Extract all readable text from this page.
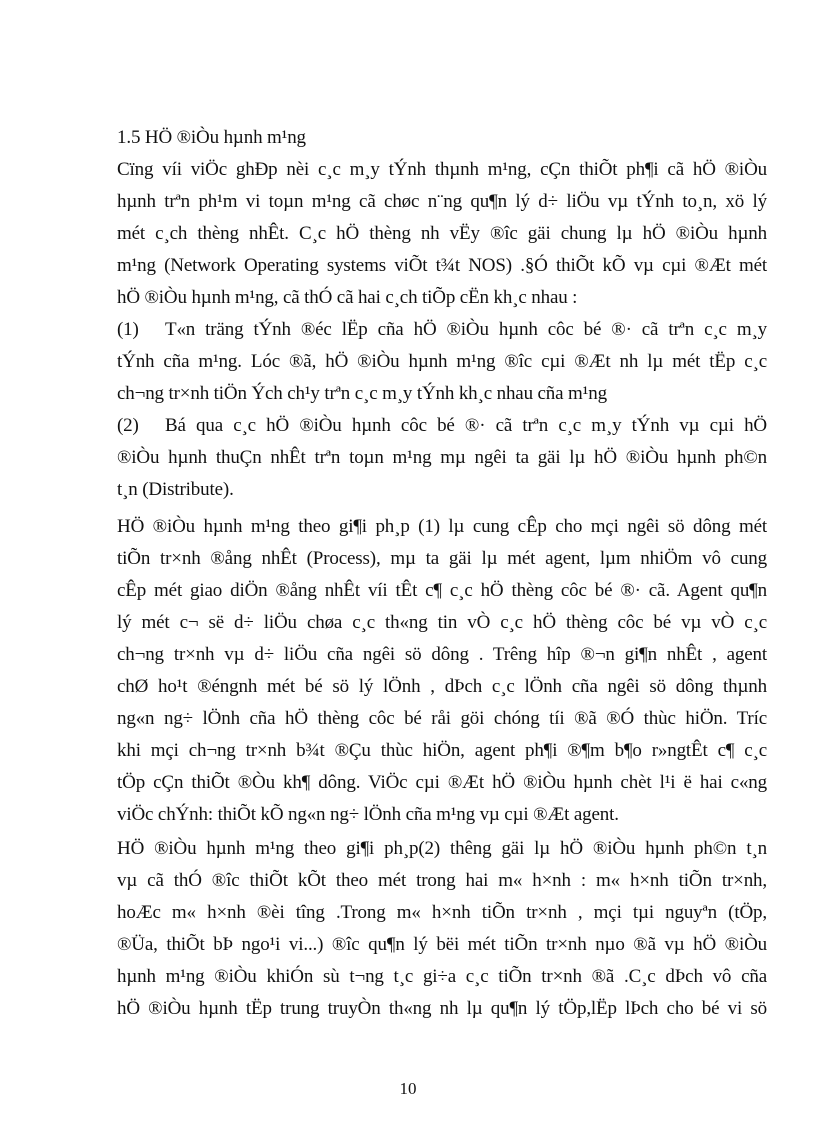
1.5 HÖ ®iÒu hµnh m¹ng
Cïng víi viÖc ghÐp nèi c¸c m¸y tÝnh thµnh m¹ng, cÇn thiÕt ph¶i cã hÖ ®iÒu
hµnh trªn ph¹m vi toµn m¹ng cã chøc n¨ng qu¶n lý d÷ liÖu vµ tÝnh to¸n, xö lý
mét c¸ch thèng nhÊt. C¸c hÖ thèng nh vËy ®îc gäi chung lµ hÖ ®iÒu hµnh
m¹ng (Network Operating systems viÕt t¾t NOS) .§Ó thiÕt kÕ vµ cµi ®Æt mét
hÖ ®iÒu hµnh m¹ng, cã thÓ cã hai c¸ch tiÕp cËn kh¸c nhau :
(1)	T«n träng tÝnh ®éc lËp cña hÖ ®iÒu hµnh côc bé ®· cã trªn c¸c m¸y
tÝnh cña m¹ng. Lóc ®ã, hÖ ®iÒu hµnh m¹ng ®îc cµi ®Æt nh lµ mét tËp c¸c
ch¬ng tr×nh tiÖn Ých ch¹y trªn c¸c m¸y tÝnh kh¸c nhau cña m¹ng
(2)	Bá qua c¸c hÖ ®iÒu hµnh côc bé ®· cã trªn c¸c m¸y tÝnh vµ cµi hÖ
®iÒu hµnh thuÇn nhÊt trªn toµn m¹ng mµ ngêi ta gäi lµ hÖ ®iÒu hµnh ph©n
t¸n (Distribute).
HÖ ®iÒu hµnh m¹ng theo gi¶i ph¸p (1) lµ cung cÊp cho mçi ngêi sö dông mét
tiÕn tr×nh ®ång nhÊt (Process), mµ ta gäi lµ mét agent, lµm nhiÖm vô cung
cÊp mét giao diÖn ®ång nhÊt víi tÊt c¶ c¸c hÖ thèng côc bé ®· cã. Agent qu¶n
lý mét c¬ së d÷ liÖu chøa c¸c th«ng tin vÒ c¸c hÖ thèng côc bé vµ vÒ c¸c
ch¬ng tr×nh vµ d÷ liÖu cña ngêi sö dông . Trêng hîp ®¬n gi¶n nhÊt , agent
chØ ho¹t ®éngnh mét bé sö lý lÖnh , dÞch c¸c lÖnh cña ngêi sö dông thµnh
ng«n ng÷ lÖnh cña hÖ thèng côc bé råi göi chóng tíi ®ã ®Ó thùc hiÖn. Tríc
khi mçi ch¬ng tr×nh b¾t ®Çu thùc hiÖn, agent ph¶i ®¶m b¶o r»ngtÊt c¶ c¸c
tÖp cÇn thiÕt ®Òu kh¶ dông. ViÖc cµi ®Æt hÖ ®iÒu hµnh chèt l¹i ë hai c«ng
viÖc chÝnh: thiÕt kÕ ng«n ng÷ lÖnh cña m¹ng vµ cµi ®Æt agent.
HÖ ®iÒu hµnh m¹ng theo gi¶i ph¸p(2) thêng gäi lµ hÖ ®iÒu hµnh ph©n t¸n
vµ cã thÓ ®îc thiÕt kÕt theo mét trong hai m« h×nh : m« h×nh tiÕn tr×nh,
hoÆc m« h×nh ®èi tîng .Trong m« h×nh tiÕn tr×nh , mçi tµi nguyªn (tÖp,
®Üa, thiÕt bÞ ngo¹i vi...) ®îc qu¶n lý bëi mét tiÕn tr×nh nµo ®ã vµ hÖ ®iÒu
hµnh m¹ng ®iÒu khiÓn sù t¬ng t¸c gi÷a c¸c tiÕn tr×nh ®ã .C¸c dÞch vô cña
hÖ ®iÒu hµnh tËp trung truyÒn th«ng nh lµ qu¶n lý tÖp,lËp lÞch cho bé vi sö
10
